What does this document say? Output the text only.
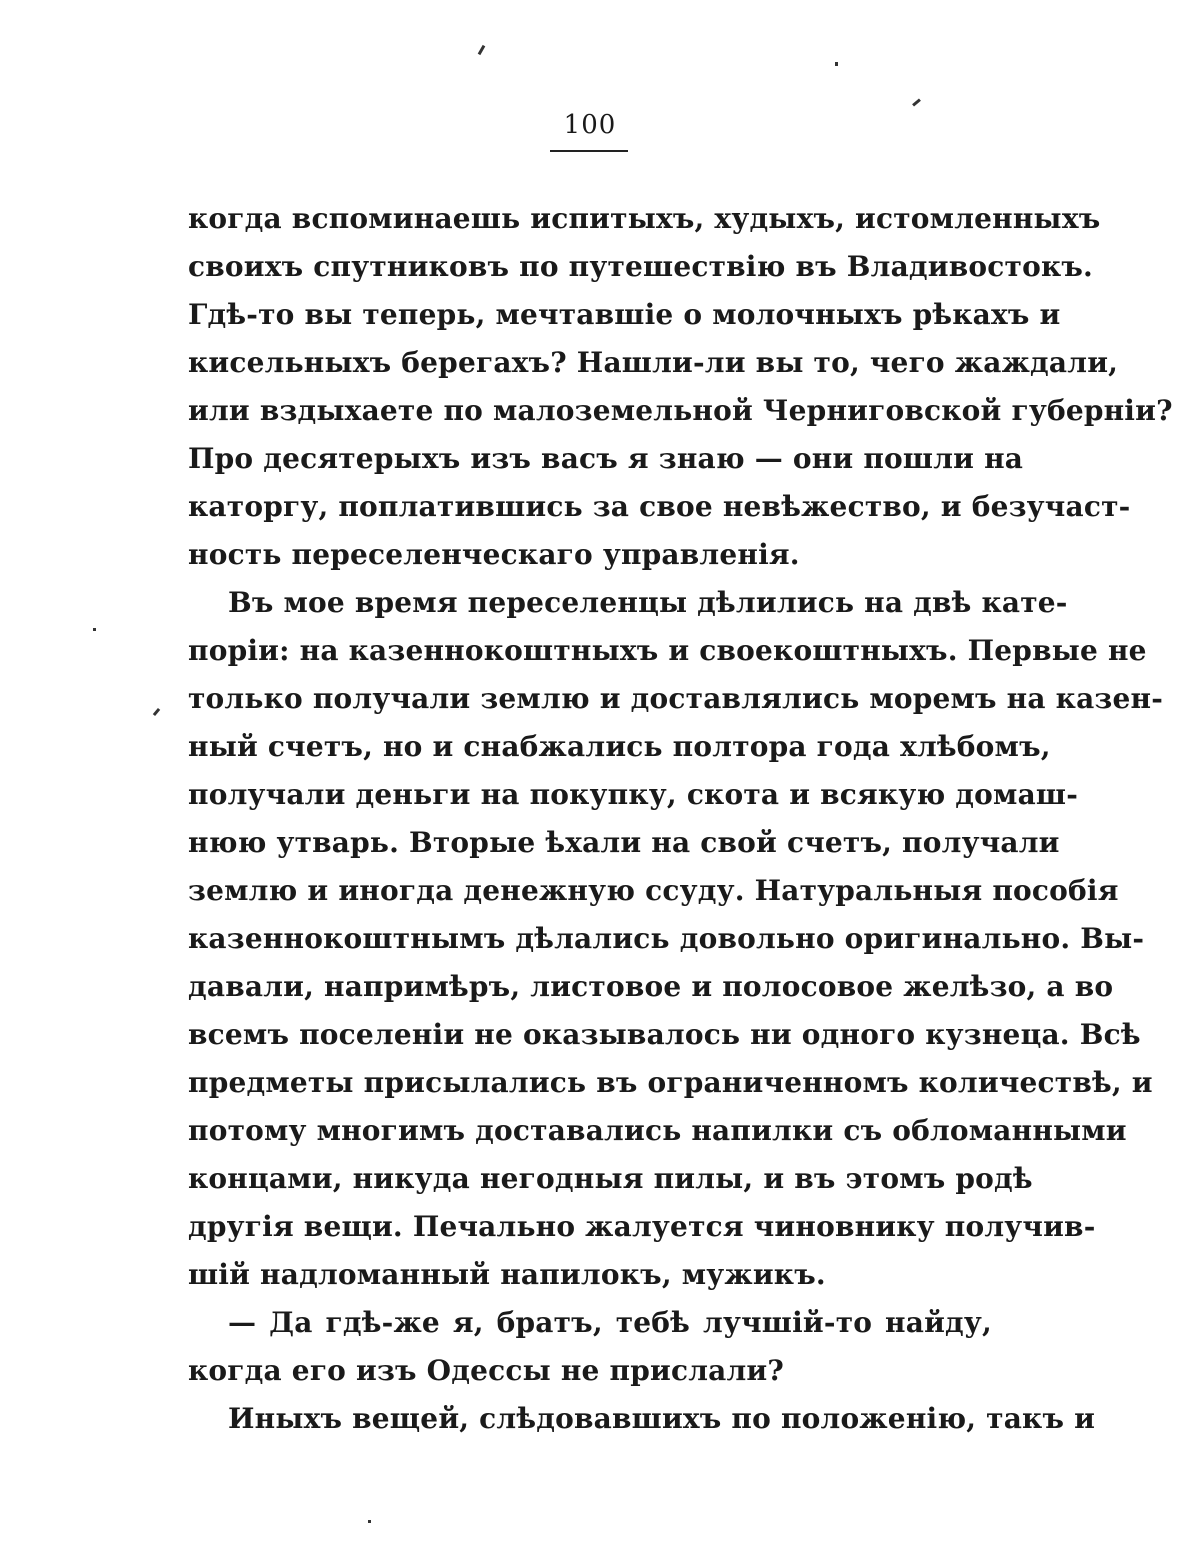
100
когда вспоминаешь испитыхъ, худыхъ, истомленныхъ
своихъ спутниковъ по путешествію въ Владивостокъ.
Гдѣ-то вы теперь, мечтавшіе о молочныхъ рѣкахъ и
кисельныхъ берегахъ? Нашли-ли вы то, чего жаждали,
или вздыхаете по малоземельной Черниговской губерніи?
Про десятерыхъ изъ васъ я знаю — они пошли на
каторгу, поплатившись за свое невѣжество, и безучаст-
ность переселенческаго управленія.
Въ мое время переселенцы дѣлились на двѣ кате-
поріи: на казеннокоштныхъ и своекоштныхъ. Первые не
только получали землю и доставлялись моремъ на казен-
ный счетъ, но и снабжались полтора года хлѣбомъ,
получали деньги на покупку, скота и всякую домаш-
нюю утварь. Вторые ѣхали на свой счетъ, получали
землю и иногда денежную ссуду. Натуральныя пособія
казеннокоштнымъ дѣлались довольно оригинально. Вы-
давали, напримѣръ, листовое и полосовое желѣзо, а во
всемъ поселеніи не оказывалось ни одного кузнеца. Всѣ
предметы присылались въ ограниченномъ количествѣ, и
потому многимъ доставались напилки съ обломанными
концами, никуда негодныя пилы, и въ этомъ родѣ
другія вещи. Печально жалуется чиновнику получив-
шій надломанный напилокъ, мужикъ.
— Да гдѣ-же я, братъ, тебѣ лучшій-то найду,
когда его изъ Одессы не прислали?
Иныхъ вещей, слѣдовавшихъ по положенію, такъ и
